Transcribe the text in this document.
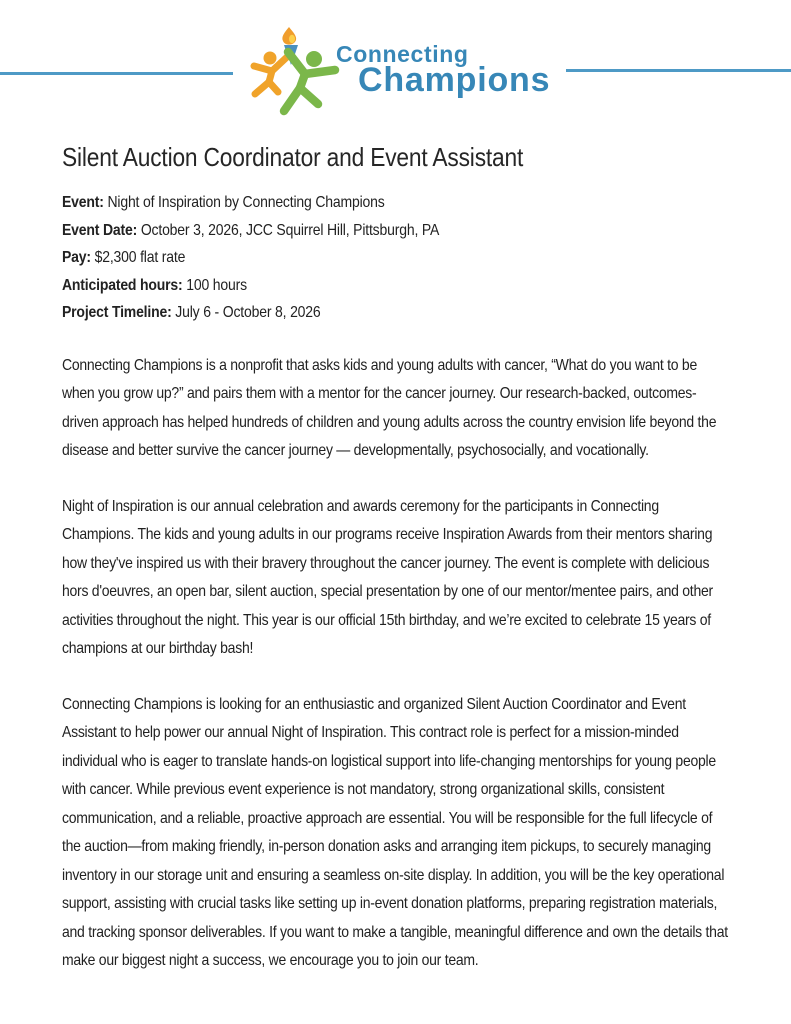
Connecting
Champions
Silent Auction Coordinator and Event Assistant

Event: Night of Inspiration by Connecting Champions

Event Date: October 3, 2026, JCC Squirrel Hill, Pittsburgh, PA

Pay: $2,300 flat rate

Anticipated hours: 100 hours

Project Timeline: July 6 - October 8, 2026

Connecting Champions is a nonprofit that asks kids and young adults with cancer, “What do you want to be when you grow up?” and pairs them with a mentor for the cancer journey. Our research-backed, outcomes-driven approach has helped hundreds of children and young adults across the country envision life beyond the disease and better survive the cancer journey — developmentally, psychosocially, and vocationally.

Night of Inspiration is our annual celebration and awards ceremony for the participants in Connecting Champions. The kids and young adults in our programs receive Inspiration Awards from their mentors sharing how they've inspired us with their bravery throughout the cancer journey. The event is complete with delicious hors d'oeuvres, an open bar, silent auction, special presentation by one of our mentor/mentee pairs, and other activities throughout the night. This year is our official 15th birthday, and we’re excited to celebrate 15 years of champions at our birthday bash!

Connecting Champions is looking for an enthusiastic and organized Silent Auction Coordinator and Event Assistant to help power our annual Night of Inspiration. This contract role is perfect for a mission-minded individual who is eager to translate hands-on logistical support into life-changing mentorships for young people with cancer. While previous event experience is not mandatory, strong organizational skills, consistent communication, and a reliable, proactive approach are essential. You will be responsible for the full lifecycle of the auction—from making friendly, in-person donation asks and arranging item pickups, to securely managing inventory in our storage unit and ensuring a seamless on-site display. In addition, you will be the key operational support, assisting with crucial tasks like setting up in-event donation platforms, preparing registration materials, and tracking sponsor deliverables. If you want to make a tangible, meaningful difference and own the details that make our biggest night a success, we encourage you to join our team.
